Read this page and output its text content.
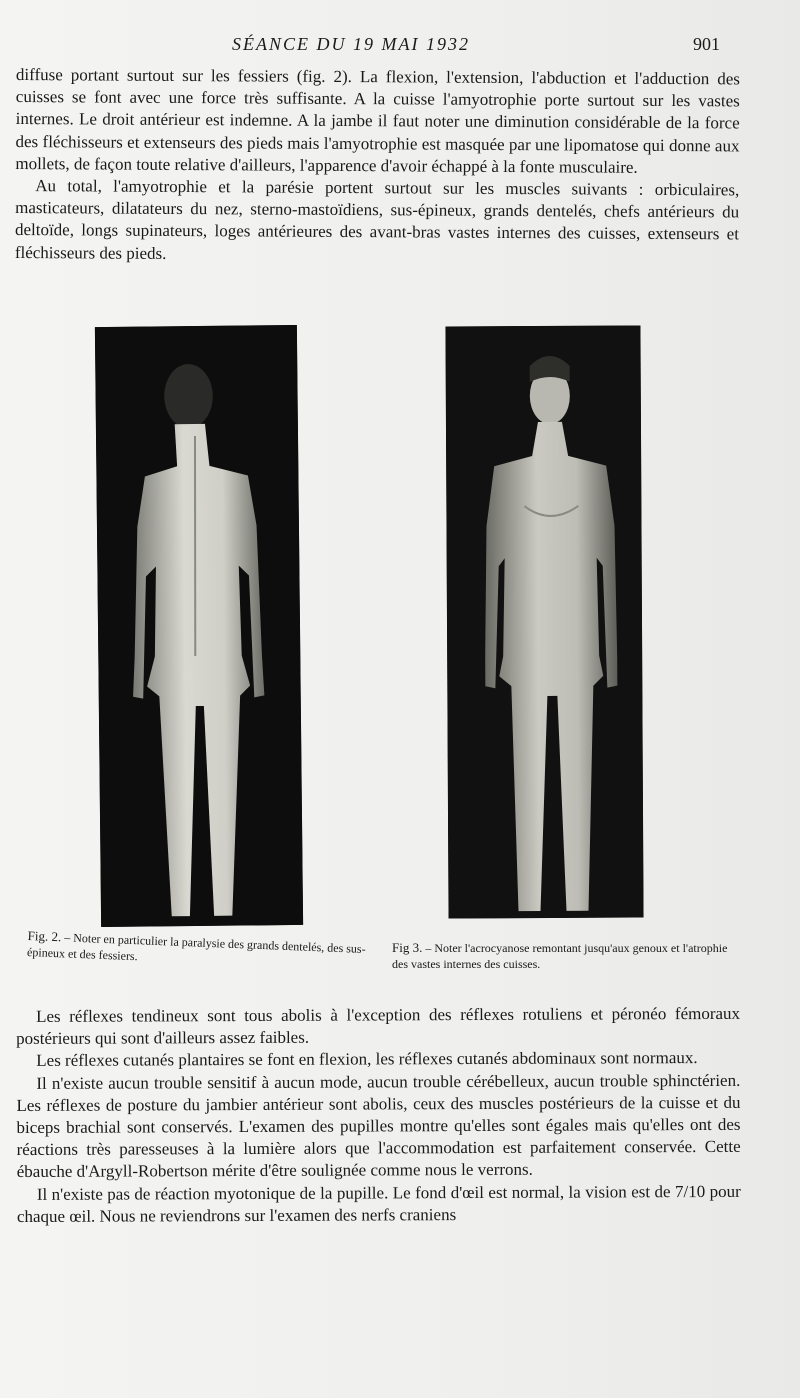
SÉANCE DU 19 MAI 1932	901

diffuse portant surtout sur les fessiers (fig. 2). La flexion, l'extension, l'abduction et l'adduction des cuisses se font avec une force très suffisante. A la cuisse l'amyotrophie porte surtout sur les vastes internes. Le droit antérieur est indemne. A la jambe il faut noter une diminution considérable de la force des fléchisseurs et extenseurs des pieds mais l'amyotrophie est masquée par une lipomatose qui donne aux mollets, de façon toute relative d'ailleurs, l'apparence d'avoir échappé à la fonte musculaire.

Au total, l'amyotrophie et la parésie portent surtout sur les muscles suivants : orbiculaires, masticateurs, dilatateurs du nez, sterno-mastoïdiens, sus-épineux, grands dentelés, chefs antérieurs du deltoïde, longs supinateurs, loges antérieures des avant-bras vastes internes des cuisses, extenseurs et fléchisseurs des pieds.

Fig. 2. – Noter en particulier la paralysie des grands dentelés, des sus-épineux et des fessiers.	Fig 3. – Noter l'acrocyanose remontant jusqu'aux genoux et l'atrophie des vastes internes des cuisses.

Les réflexes tendineux sont tous abolis à l'exception des réflexes rotuliens et péronéo fémoraux postérieurs qui sont d'ailleurs assez faibles.

Les réflexes cutanés plantaires se font en flexion, les réflexes cutanés abdominaux sont normaux.

Il n'existe aucun trouble sensitif à aucun mode, aucun trouble cérébelleux, aucun trouble sphinctérien. Les réflexes de posture du jambier antérieur sont abolis, ceux des muscles postérieurs de la cuisse et du biceps brachial sont conservés. L'examen des pupilles montre qu'elles sont égales mais qu'elles ont des réactions très paresseuses à la lumière alors que l'accommodation est parfaitement conservée. Cette ébauche d'Argyll-Robertson mérite d'être soulignée comme nous le verrons.

Il n'existe pas de réaction myotonique de la pupille. Le fond d'œil est normal, la vision est de 7/10 pour chaque œil. Nous ne reviendrons sur l'examen des nerfs craniens
